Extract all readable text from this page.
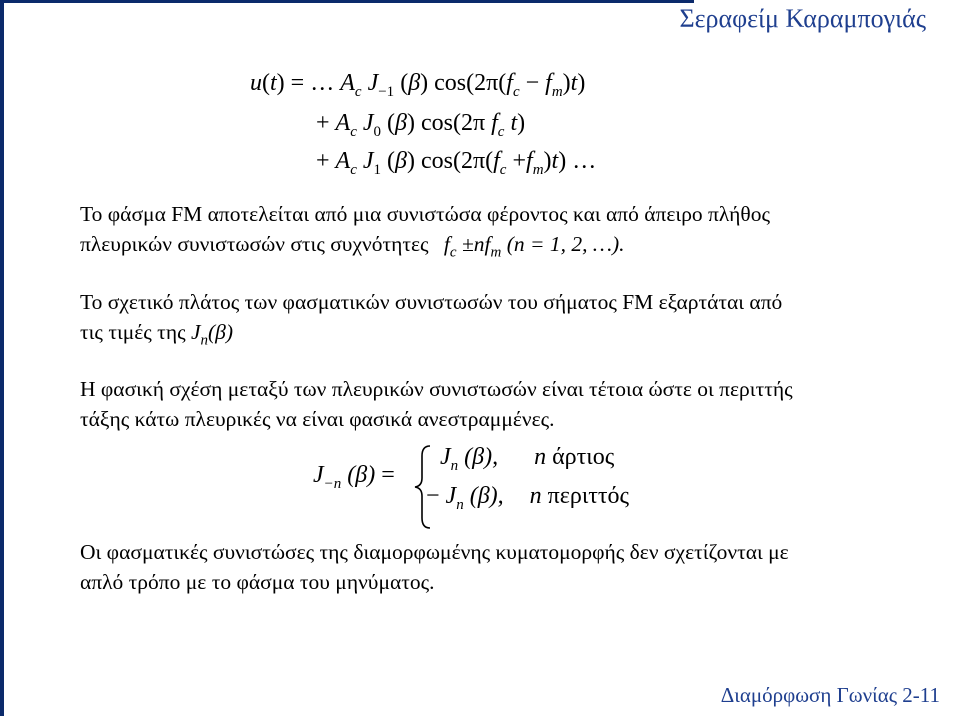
Σεραφείμ Καραμπογιάς
u(t) = … $A_c$ $J_{-1}$ (β) $\cos(2\pi(f_c - f_m)t)$
+ $A_c$ $J_0$ (β) cos(2π $f_c$ t)
+ $A_c$ $J_1$ (β) $\cos(2\pi(f_c +f_m)t)$ …
Το φάσμα FM αποτελείται από μια συνιστώσα φέροντος και από άπειρο πλήθος
πλευρικών συνιστωσών στις συχνότητες $f_c \pm nf_m$ (n = 1, 2, …).
Το σχετικό πλάτος των φασματικών συνιστωσών του σήματος FM εξαρτάται από
τις τιμές της $J_n(\beta)$
Η φασική σχέση μεταξύ των πλευρικών συνιστωσών είναι τέτοια ώστε οι περιττής
τάξης κάτω πλευρικές να είναι φασικά ανεστραμμένες.
$J_{-n}$ (β) =
$J_n$ (β), n άρτιος
− $J_n$ (β), n περιττός
Οι φασματικές συνιστώσες της διαμορφωμένης κυματομορφής δεν σχετίζονται με
απλό τρόπο με το φάσμα του μηνύματος.
Διαμόρφωση Γωνίας 2-11
